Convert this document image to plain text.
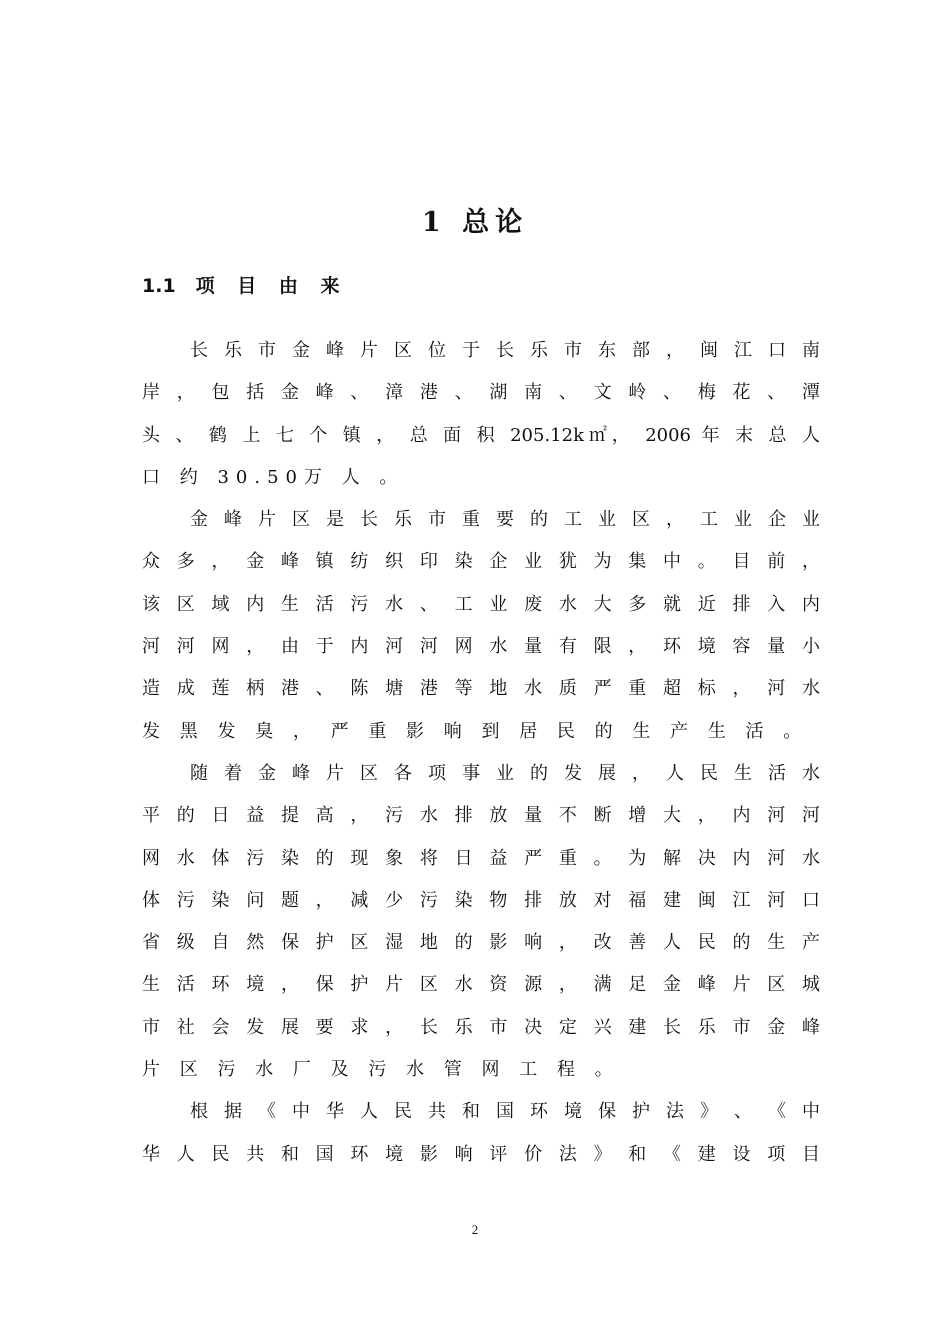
1 总论
1.1 项 目 由 来
长 乐 市 金 峰 片 区 位 于 长 乐 市 东 部 ， 闽 江 口 南
岸 ， 包 括 金 峰 、 漳 港 、 湖 南 、 文 岭 、 梅 花 、 潭
头 、 鹤 上 七 个 镇 ， 总 面 积 205.12k㎡， 2006 年 末 总 人
口 约 30.50万 人 。
金 峰 片 区 是 长 乐 市 重 要 的 工 业 区 ， 工 业 企 业
众 多 ， 金 峰 镇 纺 织 印 染 企 业 犹 为 集 中 。 目 前 ，
该 区 域 内 生 活 污 水 、 工 业 废 水 大 多 就 近 排 入 内
河 河 网 ， 由 于 内 河 河 网 水 量 有 限 ， 环 境 容 量 小
造 成 莲 柄 港 、 陈 塘 港 等 地 水 质 严 重 超 标 ， 河 水
发 黑 发 臭 ， 严 重 影 响 到 居 民 的 生 产 生 活 。
随 着 金 峰 片 区 各 项 事 业 的 发 展 ， 人 民 生 活 水
平 的 日 益 提 高 ， 污 水 排 放 量 不 断 增 大 ， 内 河 河
网 水 体 污 染 的 现 象 将 日 益 严 重 。 为 解 决 内 河 水
体 污 染 问 题 ， 减 少 污 染 物 排 放 对 福 建 闽 江 河 口
省 级 自 然 保 护 区 湿 地 的 影 响 ， 改 善 人 民 的 生 产
生 活 环 境 ， 保 护 片 区 水 资 源 ， 满 足 金 峰 片 区 城
市 社 会 发 展 要 求 ， 长 乐 市 决 定 兴 建 长 乐 市 金 峰
片 区 污 水 厂 及 污 水 管 网 工 程 。
根 据 《 中 华 人 民 共 和 国 环 境 保 护 法 》 、 《 中
华 人 民 共 和 国 环 境 影 响 评 价 法 》 和 《 建 设 项 目
2
